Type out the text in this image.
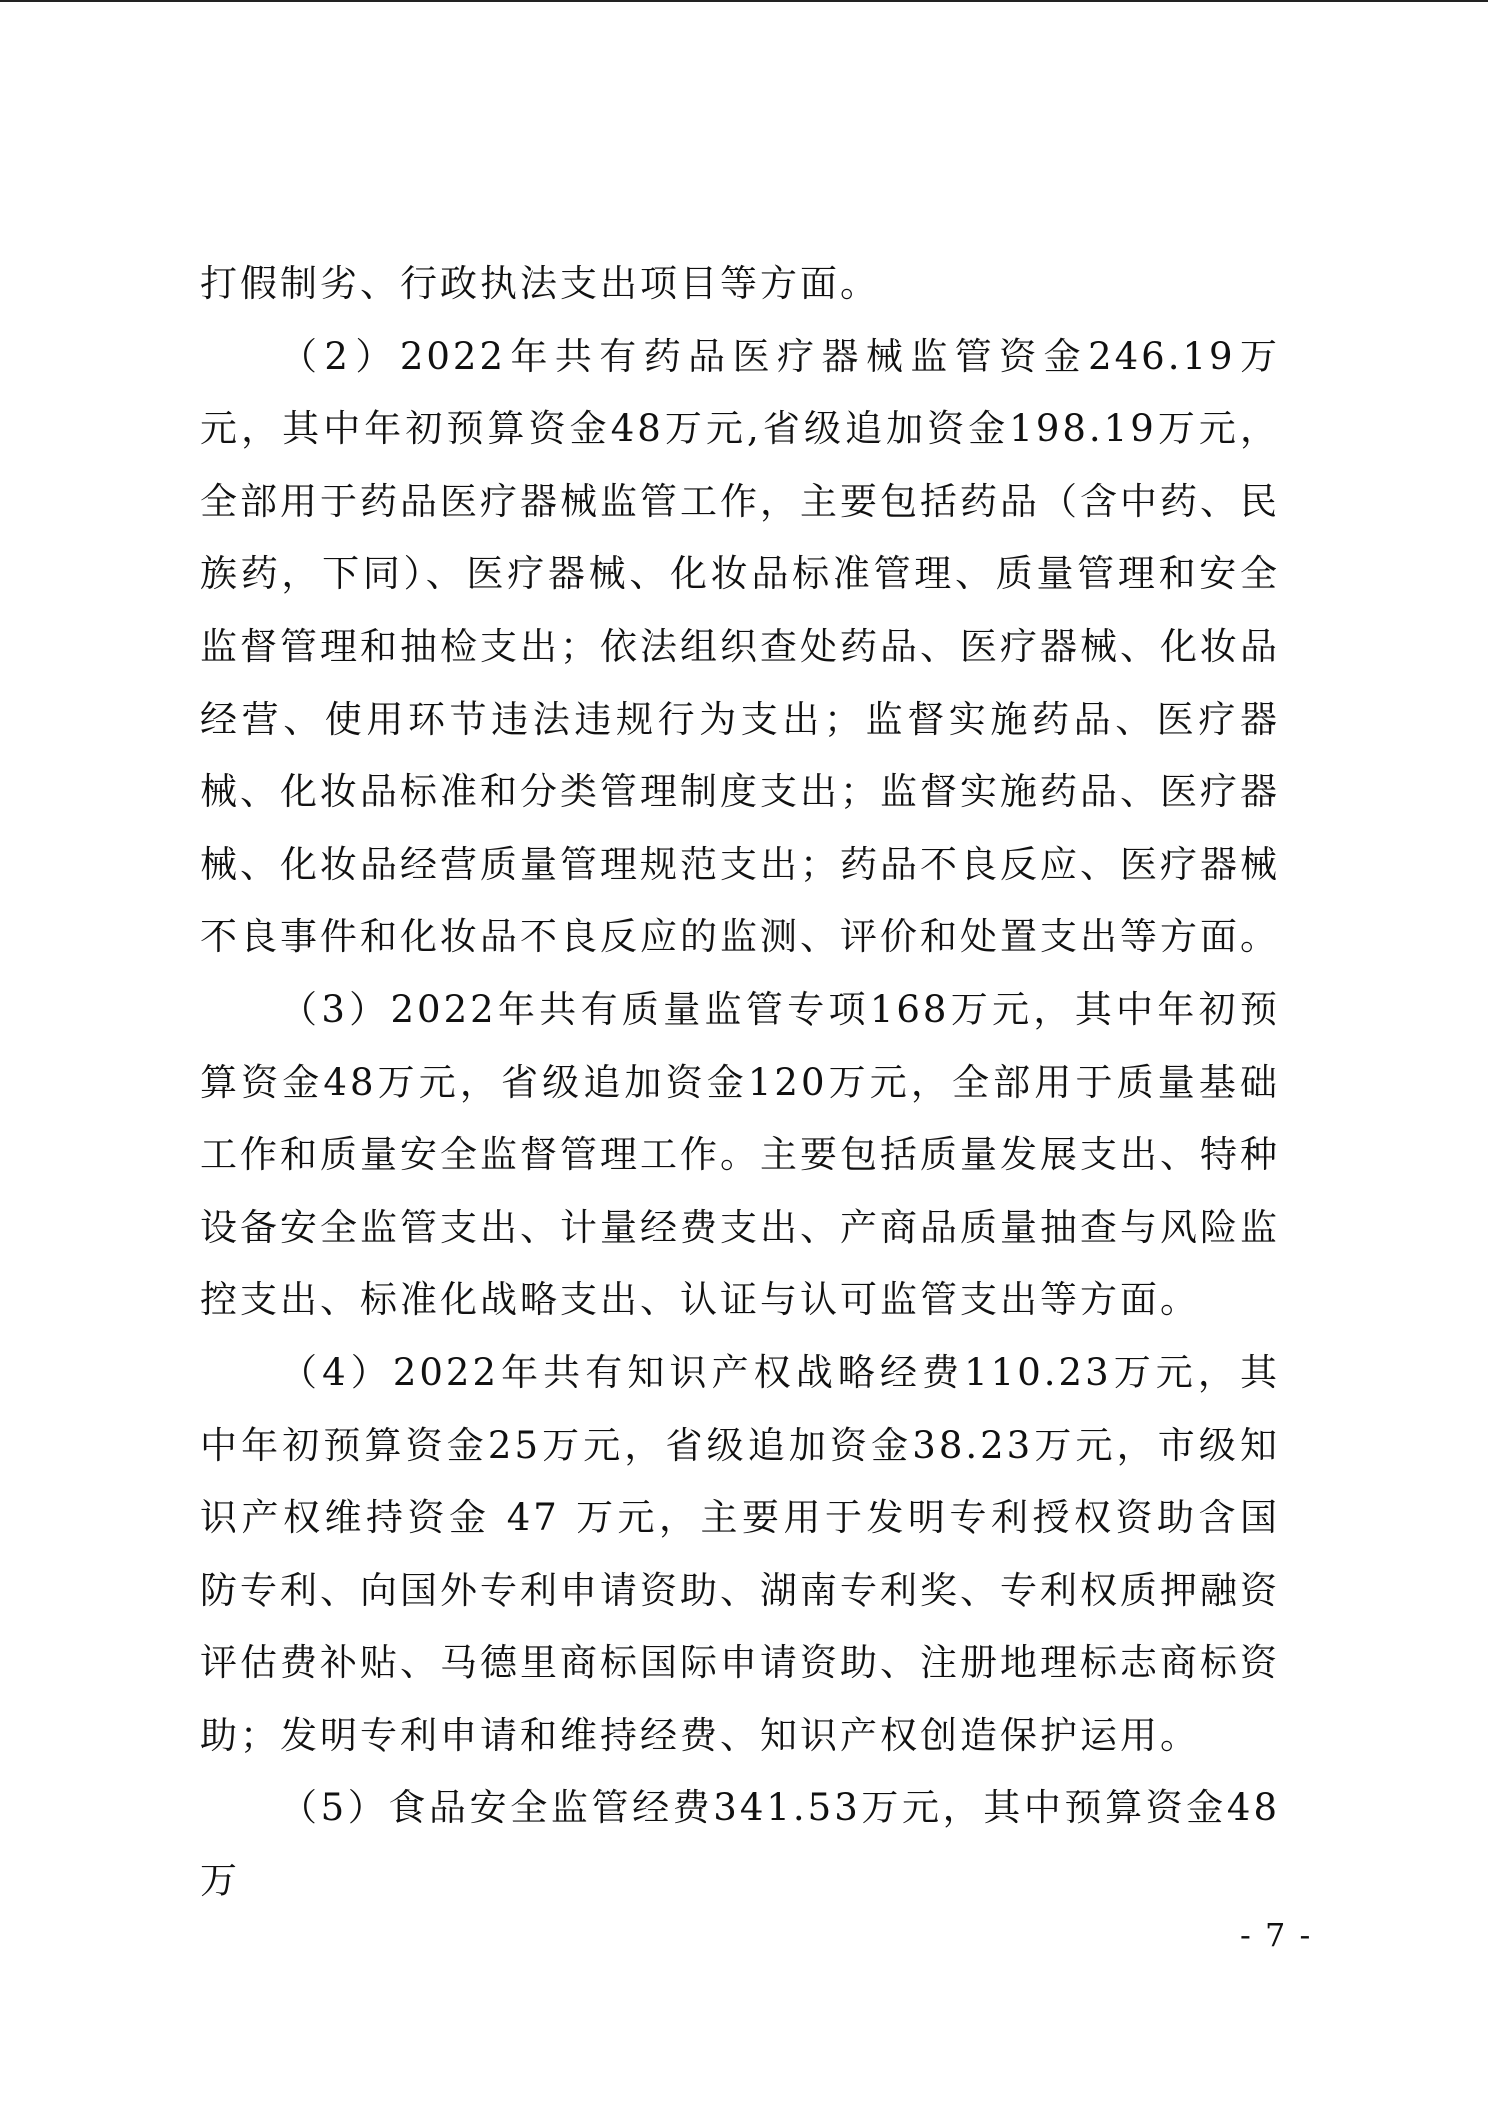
打假制劣、行政执法支出项目等方面。

（2）2022年共有药品医疗器械监管资金246.19万元，其中年初预算资金48万元,省级追加资金198.19万元，全部用于药品医疗器械监管工作，主要包括药品（含中药、民族药，下同）、医疗器械、化妆品标准管理、质量管理和安全监督管理和抽检支出；依法组织查处药品、医疗器械、化妆品经营、使用环节违法违规行为支出；监督实施药品、医疗器械、化妆品标准和分类管理制度支出；监督实施药品、医疗器械、化妆品经营质量管理规范支出；药品不良反应、医疗器械不良事件和化妆品不良反应的监测、评价和处置支出等方面。

（3）2022年共有质量监管专项168万元，其中年初预算资金48万元，省级追加资金120万元，全部用于质量基础工作和质量安全监督管理工作。主要包括质量发展支出、特种设备安全监管支出、计量经费支出、产商品质量抽查与风险监控支出、标准化战略支出、认证与认可监管支出等方面。

（4）2022年共有知识产权战略经费110.23万元，其中年初预算资金25万元，省级追加资金38.23万元，市级知识产权维持资金 47 万元，主要用于发明专利授权资助含国防专利、向国外专利申请资助、湖南专利奖、专利权质押融资评估费补贴、马德里商标国际申请资助、注册地理标志商标资助；发明专利申请和维持经费、知识产权创造保护运用。

（5）食品安全监管经费341.53万元，其中预算资金48万

- 7 -
